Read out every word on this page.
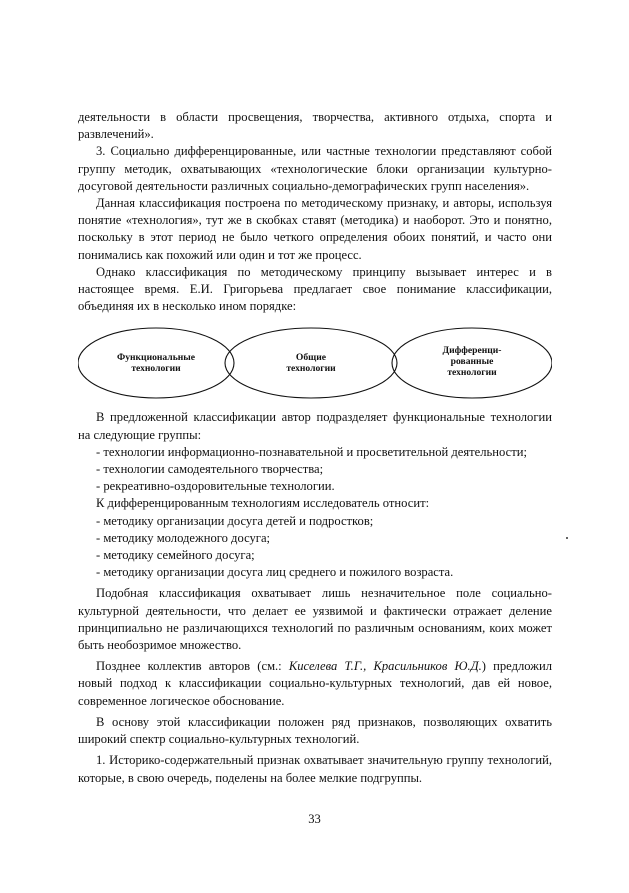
деятельности в области просвещения, творчества, активного отдыха, спорта и развлечений».

3. Социально дифференцированные, или частные технологии представляют собой группу методик, охватывающих «технологические блоки организации культурно-досуговой деятельности различных социально-демографических групп населения».

Данная классификация построена по методическому признаку, и авторы, используя понятие «технология», тут же в скобках ставят (методика) и наоборот. Это и понятно, поскольку в этот период не было четкого определения обоих понятий, и часто они понимались как похожий или один и тот же процесс.

Однако классификация по методическому принципу вызывает интерес и в настоящее время. Е.И. Григорьева предлагает свое понимание классификации, объединяя их в несколько ином порядке:

Функциональные
технологии
Общие
технологии
Дифференци-
рованные
технологии

В предложенной классификации автор подразделяет функциональные технологии на следующие группы:

- технологии информационно-познавательной и просветительной деятельности;

- технологии самодеятельного творчества;

- рекреативно-оздоровительные технологии.

К дифференцированным технологиям исследователь относит:

- методику организации досуга детей и подростков;

- методику молодежного досуга;

- методику семейного досуга;

- методику организации досуга лиц среднего и пожилого возраста.

Подобная классификация охватывает лишь незначительное поле социально-культурной деятельности, что делает ее уязвимой и фактически отражает деление принципиально не различающихся технологий по различным основаниям, коих может быть необозримое множество.

Позднее коллектив авторов (см.: Киселева Т.Г., Красильников Ю.Д.) предложил новый подход к классификации социально-культурных технологий, дав ей новое, современное логическое обоснование.

В основу этой классификации положен ряд признаков, позволяющих охватить широкий спектр социально-культурных технологий.

1. Историко-содержательный признак охватывает значительную группу технологий, которые, в свою очередь, поделены на более мелкие подгруппы.

33
